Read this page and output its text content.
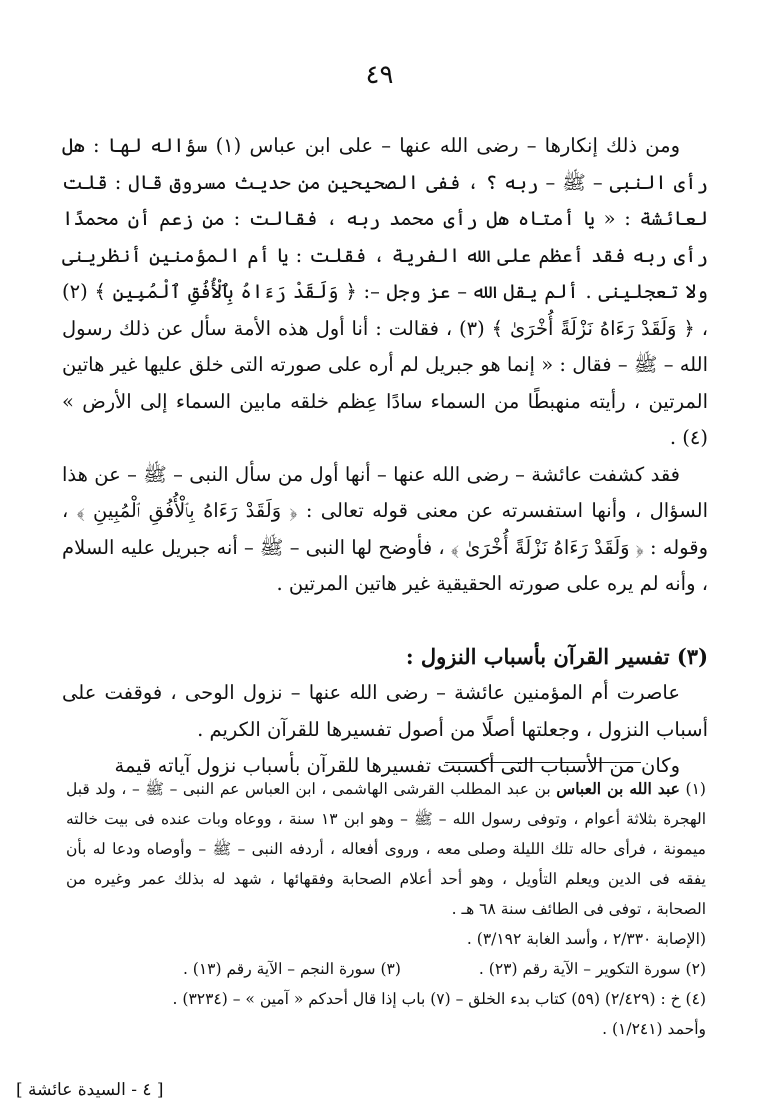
٤٩

ومن ذلك إنكارها – رضى الله عنها – على ابن عباس (١) سؤاله لها : هل رأى النبى – ﷺ – ربه ؟ ، ففى الصحيحين من حديث مسروق قال : قلت لعائشة : « يا أمتاه هل رأى محمد ربه ، فقالت : من زعم أن محمدًا رأى ربه فقد أعظم على الله الفرية ، فقلت : يا أم المؤمنين أنظرينى ولا تعجلينى . ألم يقل الله – عز وجل –: ﴿ وَلَقَدْ رَءَاهُ بِٱلْأُفُقِ ٱلْمُبِينِ ﴾ (٢) ، ﴿ وَلَقَدْ رَءَاهُ نَزْلَةً أُخْرَىٰ ﴾ (٣) ، فقالت : أنا أول هذه الأمة سأل عن ذلك رسول الله – ﷺ – فقال : « إنما هو جبريل لم أره على صورته التى خلق عليها غير هاتين المرتين ، رأيته منهبطًا من السماء سادًا عِظم خلقه مابين السماء إلى الأرض » (٤) .

فقد كشفت عائشة – رضى الله عنها – أنها أول من سأل النبى – ﷺ – عن هذا السؤال ، وأنها استفسرته عن معنى قوله تعالى : ﴿ وَلَقَدْ رَءَاهُ بِٱلْأُفُقِ ٱلْمُبِينِ ﴾ ، وقوله : ﴿ وَلَقَدْ رَءَاهُ نَزْلَةً أُخْرَىٰ ﴾ ، فأوضح لها النبى – ﷺ – أنه جبريل عليه السلام ، وأنه لم يره على صورته الحقيقية غير هاتين المرتين .

(٣) تفسير القرآن بأسباب النزول :

عاصرت أم المؤمنين عائشة – رضى الله عنها – نزول الوحى ، فوقفت على أسباب النزول ، وجعلتها أصلًا من أصول تفسيرها للقرآن الكريم .

وكان من الأسباب التى أكسبت تفسيرها للقرآن بأسباب نزول آياته قيمة

(١) عبد الله بن العباس بن عبد المطلب القرشى الهاشمى ، ابن العباس عم النبى – ﷺ – ، ولد قبل الهجرة بثلاثة أعوام ، وتوفى رسول الله – ﷺ – وهو ابن ١٣ سنة ، ووعاه وبات عنده فى بيت خالته ميمونة ، فرأى حاله تلك الليلة وصلى معه ، وروى أفعاله ، أردفه النبى – ﷺ – وأوصاه ودعا له بأن يفقه فى الدين ويعلم التأويل ، وهو أحد أعلام الصحابة وفقهائها ، شهد له بذلك عمر وغيره من الصحابة ، توفى فى الطائف سنة ٦٨ هـ .

(الإصابة ٢/٣٣٠ ، وأسد الغابة ٣/١٩٢) .

(٢) سورة التكوير – الآية رقم (٢٣) .
(٣) سورة النجم – الآية رقم (١٣) .

(٤) خ : (٢/٤٢٩) (٥٩) كتاب بدء الخلق – (٧) باب إذا قال أحدكم « آمين » – (٣٢٣٤) .

وأحمد (١/٢٤١) .

[ ٤ - السيدة عائشة ]
